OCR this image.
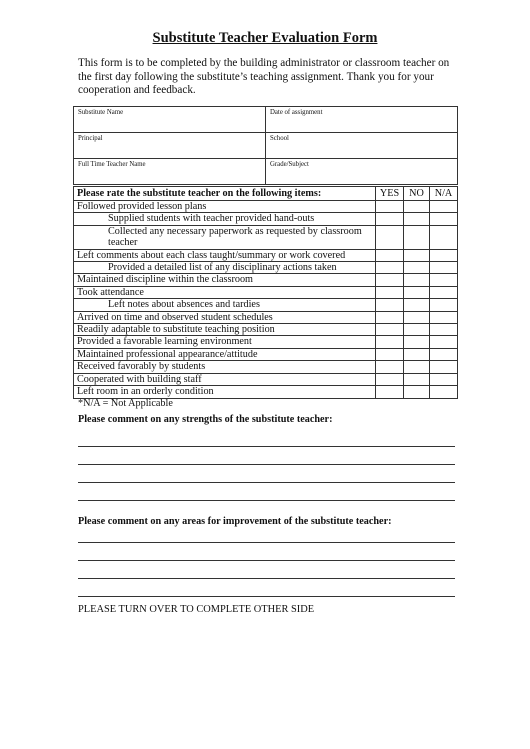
Substitute Teacher Evaluation Form
This form is to be completed by the building administrator or classroom teacher on the first day following the substitute’s teaching assignment. Thank you for your cooperation and feedback.
Substitute Name	Date of assignment
Principal	School
Full Time Teacher Name	Grade/Subject
Please rate the substitute teacher on the following items:	YES	NO	N/A
Followed provided lesson plans			
Supplied students with teacher provided hand-outs			
Collected any necessary paperwork as requested by classroom teacher			
Left comments about each class taught/summary or work covered			
Provided a detailed list of any disciplinary actions taken			
Maintained discipline within the classroom			
Took attendance			
Left notes about absences and tardies			
Arrived on time and observed student schedules			
Readily adaptable to substitute teaching position			
Provided a favorable learning environment			
Maintained professional appearance/attitude			
Received favorably by students			
Cooperated with building staff			
Left room in an orderly condition			
*N/A = Not Applicable
Please comment on any strengths of the substitute teacher:
Please comment on any areas for improvement of the substitute teacher:
PLEASE TURN OVER TO COMPLETE OTHER SIDE
